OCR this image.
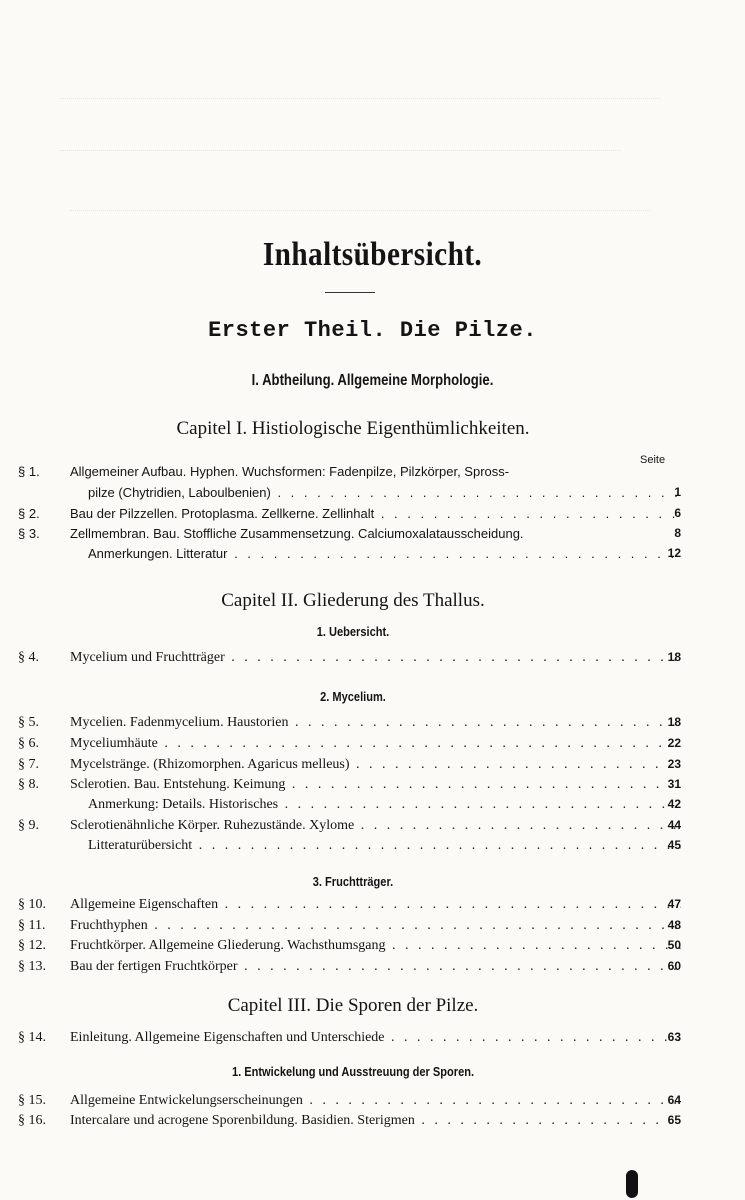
Inhaltsübersicht.
Erster Theil. Die Pilze.
I. Abtheilung. Allgemeine Morphologie.
Capitel I. Histiologische Eigenthümlichkeiten.
Seite
§ 1. Allgemeiner Aufbau. Hyphen. Wuchsformen: Fadenpilze, Pilzkörper, Spross-
pilze (Chytridien, Laboulbenien) . . .	1
§ 2. Bau der Pilzzellen. Protoplasma. Zellkerne. Zellinhalt . . .	6
§ 3. Zellmembran. Bau. Stoffliche Zusammensetzung. Calciumoxalatausscheidung.	8
Anmerkungen. Litteratur . . .	12
Capitel II. Gliederung des Thallus.
1. Uebersicht.
§ 4. Mycelium und Fruchtträger . . .	18
2. Mycelium.
§ 5. Mycelien. Fadenmycelium. Haustorien . . .	18
§ 6. Myceliumhäute . . .	22
§ 7. Mycelstränge. (Rhizomorphen. Agaricus melleus) . . .	23
§ 8. Sclerotien. Bau. Entstehung. Keimung . . .	31
Anmerkung: Details. Historisches . . .	42
§ 9. Sclerotienähnliche Körper. Ruhezustände. Xylome . . .	44
Litteraturübersicht . . .	45
3. Fruchtträger.
§ 10. Allgemeine Eigenschaften . . .	47
§ 11. Fruchthyphen . . .	48
§ 12. Fruchtkörper. Allgemeine Gliederung. Wachsthumsgang . . .	50
§ 13. Bau der fertigen Fruchtkörper . . .	60
Capitel III. Die Sporen der Pilze.
§ 14. Einleitung. Allgemeine Eigenschaften und Unterschiede . . .	63
1. Entwickelung und Ausstreuung der Sporen.
§ 15. Allgemeine Entwickelungserscheinungen . . .	64
§ 16. Intercalare und acrogene Sporenbildung. Basidien. Sterigmen . . .	65
